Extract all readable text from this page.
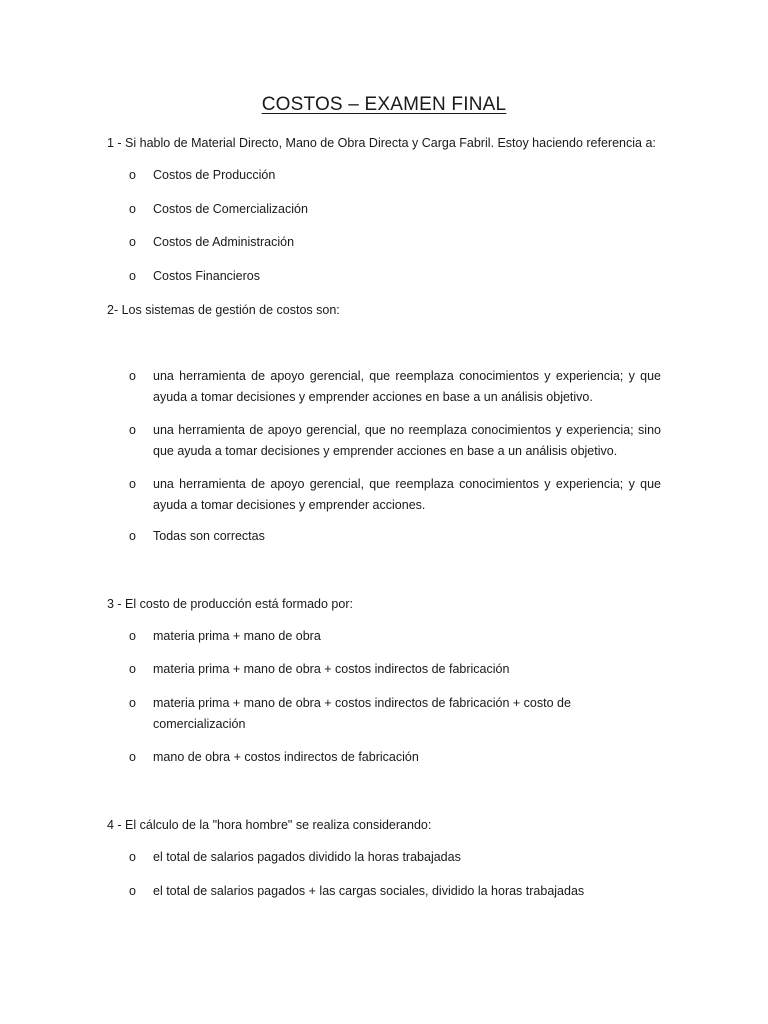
COSTOS – EXAMEN FINAL
1 - Si hablo de Material Directo, Mano de Obra Directa y Carga Fabril. Estoy haciendo referencia a:
o	Costos de Producción
o	Costos de Comercialización
o	Costos de Administración
o	Costos Financieros
2- Los sistemas de gestión de costos son:
o	una herramienta de apoyo gerencial, que reemplaza conocimientos y experiencia; y que ayuda a tomar decisiones y emprender acciones en base a un análisis objetivo.
o	una herramienta de apoyo gerencial, que no reemplaza conocimientos y experiencia; sino que ayuda a tomar decisiones y emprender acciones en base a un análisis objetivo.
o	una herramienta de apoyo gerencial, que reemplaza conocimientos y experiencia; y que ayuda a tomar decisiones y emprender acciones.
o	Todas son correctas
3 - El costo de producción está formado por:
o	materia prima + mano de obra
o	materia prima + mano de obra + costos indirectos de fabricación
o	materia prima + mano de obra + costos indirectos de fabricación + costo de comercialización
o	mano de obra + costos indirectos de fabricación
4 - El cálculo de la "hora hombre" se realiza considerando:
o	el total de salarios pagados dividido la horas trabajadas
o	el total de salarios pagados + las cargas sociales, dividido la horas trabajadas
